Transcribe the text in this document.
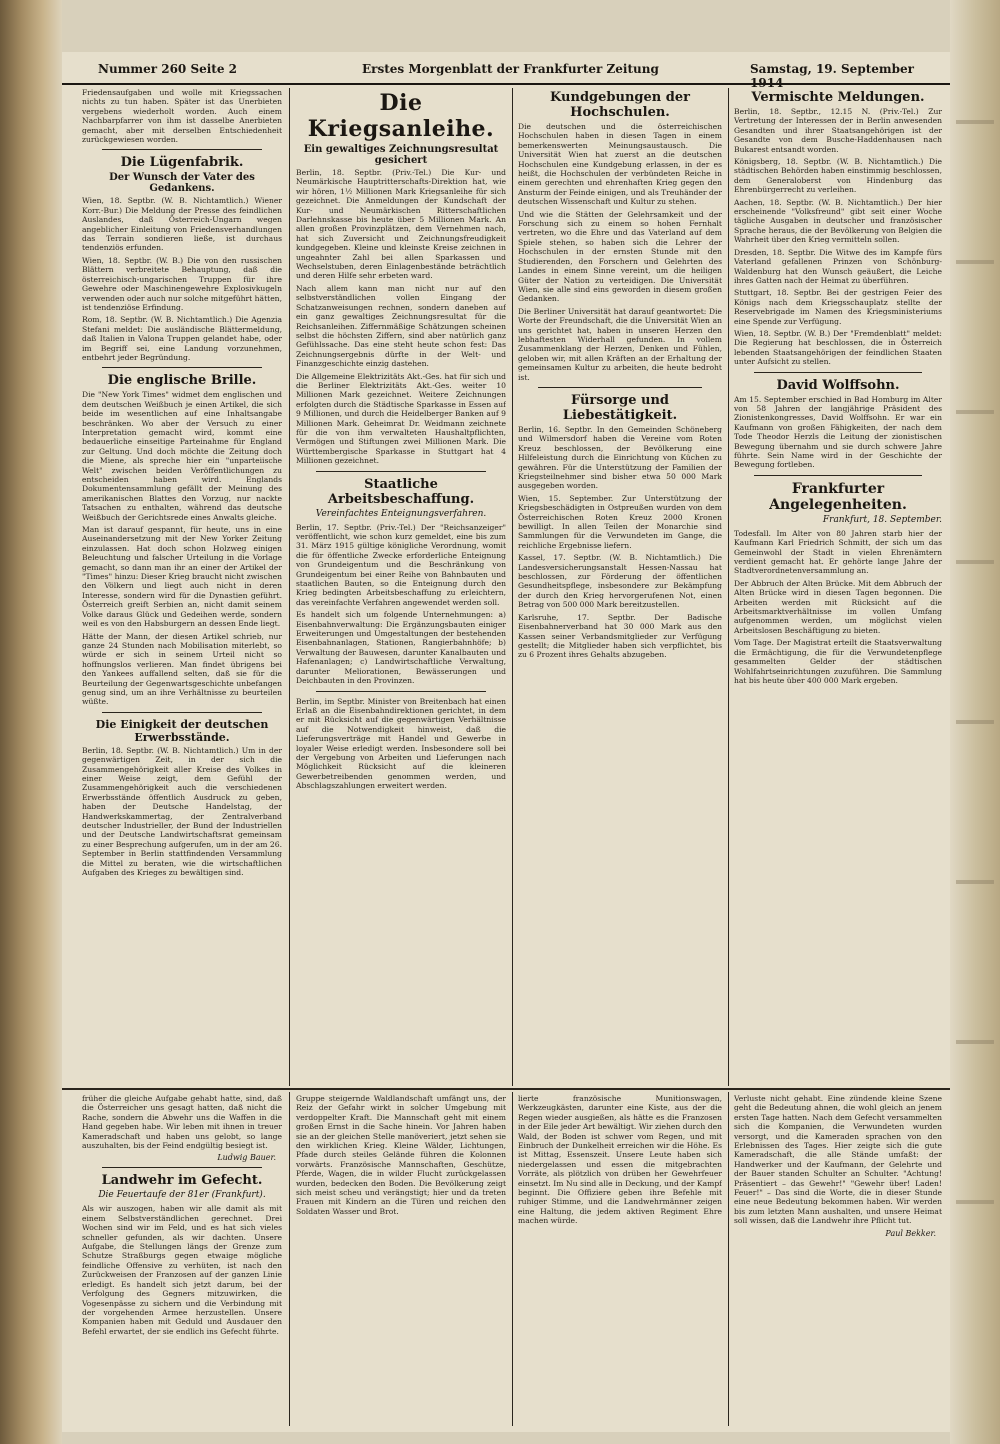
Nummer 260 Seite 2	Erstes Morgenblatt der Frankfurter Zeitung	Samstag, 19. September

Friedensaufgaben und wolle mit Kriegssachen nichts zu tun haben. Später ist das Unerbieten vergebens wiederholt worden. Auch einem Nachbarpfarrer von ihm ist dasselbe Anerbieten gemacht, aber mit derselben Entschiedenheit zurückgewiesen worden.

Die Lügenfabrik.
Der Wunsch der Vater des Gedankens.

Wien, 18. Septbr. (W. B. Nichtamtlich.) Wiener Korr.-Bur.) Die Meldung der Presse des feindlichen Auslandes, daß Österreich-Ungarn wegen angeblicher Einleitung von Friedensverhandlungen das Terrain sondieren ließe, ist durchaus tendenziös erfunden.

Wien, 18. Septbr. (W. B.) Die von den russischen Blättern verbreitete Behauptung, daß die österreichisch-ungarischen Truppen für ihre Gewehre oder Maschinengewehre Explosivkugeln verwenden oder auch nur solche mitgeführt hätten, ist tendenziöse Erfindung.

Rom, 18. Septbr. (W. B. Nichtamtlich.) Die Agenzia Stefani meldet: Die ausländische Blättermeldung, daß Italien in Valona Truppen gelandet habe, oder im Begriff sei, eine Landung vorzunehmen, entbehrt jeder Begründung.

Die englische Brille.

Die "New York Times" widmet dem englischen und dem deutschen Weißbuch je einen Artikel, die sich beide im wesentlichen auf eine Inhaltsangabe beschränken. Wo aber der Versuch zu einer Interpretation gemacht wird, kommt eine bedauerliche einseitige Parteinahme für England zur Geltung. Und doch möchte die Zeitung doch die Miene, als spreche hier ein "unparteiische Welt" zwischen beiden Veröffentlichungen zu entscheiden haben wird. Englands Dokumentensammlung gefällt der Meinung des amerikanischen Blattes den Vorzug, nur nackte Tatsachen zu enthalten, während das deutsche Weißbuch der Gerichtsrede eines Anwalts gleiche.

Man ist darauf gespannt, für heute, uns in eine Auseinandersetzung mit der New Yorker Zeitung einzulassen. Hat doch schon Holzweg einigen Beleuchtung und falscher Urteilung in die Vorlage gemacht, so dann man ihr an einer der Artikel der "Times" hinzu: Dieser Krieg braucht nicht zwischen den Völkern und liegt auch nicht in deren Interesse, sondern wird für die Dynastien geführt. Österreich greift Serbien an, nicht damit seinem Volke daraus Glück und Gedeihen werde, sondern weil es von den Habsburgern an dessen Ende liegt.

Hätte der Mann, der diesen Artikel schrieb, nur ganze 24 Stunden nach Mobilisation miterlebt, so würde er sich in seinem Urteil nicht so hoffnungslos verlieren. Man findet übrigens bei den Yankees auffallend selten, daß sie für die Beurteilung der Gegenwartsgeschichte unbefangen genug sind, um an ihre Verhältnisse zu beurteilen wüßte.

Die Einigkeit der deutschen Erwerbsstände.

Berlin, 18. Septbr. (W. B. Nichtamtlich.) Um in der gegenwärtigen Zeit, in der sich die Zusammengehörigkeit aller Kreise des Volkes in einer Weise zeigt, dem Gefühl der Zusammengehörigkeit auch die verschiedenen Erwerbsstände öffentlich Ausdruck zu geben, haben der Deutsche Handelstag, der Handwerkskammertag, der Zentralverband deutscher Industrieller, der Bund der Industriellen und der Deutsche Landwirtschaftsrat gemeinsam zu einer Besprechung aufgerufen, um in der am 26. September in Berlin stattfindenden Versammlung die Mittel zu beraten, wie die wirtschaftlichen Aufgaben des Krieges zu bewältigen sind.

Die Kriegsanleihe.
Ein gewaltiges Zeichnungsresultat gesichert

Berlin, 18. Septbr. (Priv.-Tel.) Die Kur- und Neumärkische Hauptritterschafts-Direktion hat, wie wir hören, 1½ Millionen Mark Kriegsanleihe für sich gezeichnet. Die Anmeldungen der Kundschaft der Kur- und Neumärkischen Ritterschaftlichen Darlehnskasse bis heute über 5 Millionen Mark. An allen großen Provinzplätzen, dem Vernehmen nach, hat sich Zuversicht und Zeichnungsfreudigkeit kundgegeben. Kleine und kleinste Kreise zeichnen in ungeahnter Zahl bei allen Sparkassen und Wechselstuben, deren Einlagenbestände beträchtlich und deren Hilfe sehr erbeten ward.

Nach allem kann man nicht nur auf den selbstverständlichen vollen Eingang der Schatzanweisungen rechnen, sondern daneben auf ein ganz gewaltiges Zeichnungsresultat für die Reichsanleihen. Ziffernmäßige Schätzungen scheinen selbst die höchsten Ziffern, sind aber natürlich ganz Gefühlssache. Das eine steht heute schon fest: Das Zeichnungsergebnis dürfte in der Welt- und Finanzgeschichte einzig dastehen.

Die Allgemeine Elektrizitäts Akt.-Ges. hat für sich und die Berliner Elektrizitäts Akt.-Ges. weiter 10 Millionen Mark gezeichnet. Weitere Zeichnungen erfolgten durch die Städtische Sparkasse in Essen auf 9 Millionen, und durch die Heidelberger Banken auf 9 Millionen Mark. Geheimrat Dr. Weidmann zeichnete für die von ihm verwalteten Haushaltpflichten, Vermögen und Stiftungen zwei Millionen Mark. Die Württembergische Sparkasse in Stuttgart hat 4 Millionen gezeichnet.

Staatliche Arbeitsbeschaffung.
Vereinfachtes Enteignungsverfahren.

Berlin, 17. Septbr. (Priv.-Tel.) Der "Reichsanzeiger" veröffentlicht, wie schon kurz gemeldet, eine bis zum 31. März 1915 gültige königliche Verordnung, womit die für öffentliche Zwecke erforderliche Enteignung von Grundeigentum und die Beschränkung von Grundeigentum bei einer Reihe von Bahnbauten und staatlichen Bauten, so die Enteignung durch den Krieg bedingten Arbeitsbeschaffung zu erleichtern, das vereinfachte Verfahren angewendet werden soll.

Es handelt sich um folgende Unternehmungen: a) Eisenbahnverwaltung: Die Ergänzungsbauten einiger Erweiterungen und Umgestaltungen der bestehenden Eisenbahnanlagen, Stationen, Rangierbahnhöfe; b) Verwaltung der Bauwesen, darunter Kanalbauten und Hafenanlagen; c) Landwirtschaftliche Verwaltung, darunter Meliorationen, Bewässerungen und Deichbauten in den Provinzen.

Berlin, im Septbr. Minister von Breitenbach hat einen Erlaß an die Eisenbahndirektionen gerichtet, in dem er mit Rücksicht auf die gegenwärtigen Verhältnisse auf die Notwendigkeit hinweist, daß die Lieferungsverträge mit Handel und Gewerbe in loyaler Weise erledigt werden. Insbesondere soll bei der Vergebung von Arbeiten und Lieferungen nach Möglichkeit Rücksicht auf die kleineren Gewerbetreibenden genommen werden, und Abschlagszahlungen erweitert werden.

Kundgebungen der Hochschulen.

Die deutschen und die österreichischen Hochschulen haben in diesen Tagen in einem bemerkenswerten Meinungsaustausch. Die Universität Wien hat zuerst an die deutschen Hochschulen eine Kundgebung erlassen, in der es heißt, die Hochschulen der verbündeten Reiche in einem gerechten und ehrenhaften Krieg gegen den Ansturm der Feinde einigen, und als Treuhänder der deutschen Wissenschaft und Kultur zu stehen.

Und wie die Stätten der Gelehrsamkeit und der Forschung sich zu einem so hohen Fernhalt vertreten, wo die Ehre und das Vaterland auf dem Spiele stehen, so haben sich die Lehrer der Hochschulen in der ernsten Stunde mit den Studierenden, den Forschern und Gelehrten des Landes in einem Sinne vereint, um die heiligen Güter der Nation zu verteidigen. Die Universität Wien, sie alle sind eins geworden in diesem großen Gedanken.

Die Berliner Universität hat darauf geantwortet: Die Worte der Freundschaft, die die Universität Wien an uns gerichtet hat, haben in unseren Herzen den lebhaftesten Widerhall gefunden. In vollem Zusammenklang der Herzen, Denken und Fühlen, geloben wir, mit allen Kräften an der Erhaltung der gemeinsamen Kultur zu arbeiten, die heute bedroht ist.

Fürsorge und Liebestätigkeit.

Berlin, 16. Septbr. In den Gemeinden Schöneberg und Wilmersdorf haben die Vereine vom Roten Kreuz beschlossen, der Bevölkerung eine Hilfeleistung durch die Einrichtung von Küchen zu gewähren. Für die Unterstützung der Familien der Kriegsteilnehmer sind bisher etwa 50 000 Mark ausgegeben worden.

Wien, 15. September. Zur Unterstützung der Kriegsbeschädigten in Ostpreußen wurden von dem Österreichischen Roten Kreuz 2000 Kronen bewilligt. In allen Teilen der Monarchie sind Sammlungen für die Verwundeten im Gange, die reichliche Ergebnisse liefern.

Kassel, 17. Septbr. (W. B. Nichtamtlich.) Die Landesversicherungsanstalt Hessen-Nassau hat beschlossen, zur Förderung der öffentlichen Gesundheitspflege, insbesondere zur Bekämpfung der durch den Krieg hervorgerufenen Not, einen Betrag von 500 000 Mark bereitzustellen.

Karlsruhe, 17. Septbr. Der Badische Eisenbahnerverband hat 30 000 Mark aus den Kassen seiner Verbandsmitglieder zur Verfügung gestellt; die Mitglieder haben sich verpflichtet, bis zu 6 Prozent ihres Gehalts abzugeben.

Vermischte Meldungen.

Berlin, 18. Septbr., 12.15 N. (Priv.-Tel.) Zur Vertretung der Interessen der in Berlin anwesenden Gesandten und ihrer Staatsangehörigen ist der Gesandte von dem Busche-Haddenhausen nach Bukarest entsandt worden.

Königsberg, 18. Septbr. (W. B. Nichtamtlich.) Die städtischen Behörden haben einstimmig beschlossen, dem Generaloberst von Hindenburg das Ehrenbürgerrecht zu verleihen.

Aachen, 18. Septbr. (W. B. Nichtamtlich.) Der hier erscheinende "Volksfreund" gibt seit einer Woche tägliche Ausgaben in deutscher und französischer Sprache heraus, die der Bevölkerung von Belgien die Wahrheit über den Krieg vermitteln sollen.

Dresden, 18. Septbr. Die Witwe des im Kampfe fürs Vaterland gefallenen Prinzen von Schönburg-Waldenburg hat den Wunsch geäußert, die Leiche ihres Gatten nach der Heimat zu überführen.

Stuttgart, 18. Septbr. Bei der gestrigen Feier des Königs nach dem Kriegsschauplatz stellte der Reservebrigade im Namen des Kriegsministeriums eine Spende zur Verfügung.

Wien, 18. Septbr. (W. B.) Der "Fremdenblatt" meldet: Die Regierung hat beschlossen, die in Österreich lebenden Staatsangehörigen der feindlichen Staaten unter Aufsicht zu stellen.

David Wolffsohn.

Am 15. September erschied in Bad Homburg im Alter von 58 Jahren der langjährige Präsident des Zionistenkongresses, David Wolffsohn. Er war ein Kaufmann von großen Fähigkeiten, der nach dem Tode Theodor Herzls die Leitung der zionistischen Bewegung übernahm und sie durch schwere Jahre führte. Sein Name wird in der Geschichte der Bewegung fortleben.

Frankfurter Angelegenheiten.
Frankfurt, 18. September.

Todesfall. Im Alter von 80 Jahren starb hier der Kaufmann Karl Friedrich Schmitt, der sich um das Gemeinwohl der Stadt in vielen Ehrenämtern verdient gemacht hat. Er gehörte lange Jahre der Stadtverordnetenversammlung an.

Der Abbruch der Alten Brücke. Mit dem Abbruch der Alten Brücke wird in diesen Tagen begonnen. Die Arbeiten werden mit Rücksicht auf die Arbeitsmarktverhältnisse im vollen Umfang aufgenommen werden, um möglichst vielen Arbeitslosen Beschäftigung zu bieten.

Vom Tage. Der Magistrat erteilt die Staatsverwaltung die Ermächtigung, die für die Verwundetenpflege gesammelten Gelder der städtischen Wohlfahrtseinrichtungen zuzuführen. Die Sammlung hat bis heute über 400 000 Mark ergeben.

früher die gleiche Aufgabe gehabt hatte, sind, daß die Österreicher uns gesagt hatten, daß nicht die Rache, sondern die Abwehr uns die Waffen in die Hand gegeben habe. Wir leben mit ihnen in treuer Kameradschaft und haben uns gelobt, so lange auszuhalten, bis der Feind endgültig besiegt ist.

Ludwig Bauer.
Landwehr im Gefecht.
Die Feuertaufe der 81er (Frankfurt).

Als wir auszogen, haben wir alle damit als mit einem Selbstverständlichen gerechnet. Drei Wochen sind wir im Feld, und es hat sich vieles schneller gefunden, als wir dachten. Unsere Aufgabe, die Stellungen längs der Grenze zum Schutze Straßburgs gegen etwaige mögliche feindliche Offensive zu verhüten, ist nach den Zurückweisen der Franzosen auf der ganzen Linie erledigt. Es handelt sich jetzt darum, bei der Verfolgung des Gegners mitzuwirken, die Vogesenpässe zu sichern und die Verbindung mit der vorgehenden Armee herzustellen. Unsere Kompanien haben mit Geduld und Ausdauer den Befehl erwartet, der sie endlich ins Gefecht führte.

Gruppe steigernde Waldlandschaft umfängt uns, der Reiz der Gefahr wirkt in solcher Umgebung mit verdoppelter Kraft. Die Mannschaft geht mit einem großen Ernst in die Sache hinein. Vor Jahren haben sie an der gleichen Stelle manöveriert, jetzt sehen sie den wirklichen Krieg. Kleine Wälder, Lichtungen, Pfade durch steiles Gelände führen die Kolonnen vorwärts. Französische Mannschaften, Geschütze, Pferde, Wagen, die in wilder Flucht zurückgelassen wurden, bedecken den Boden. Die Bevölkerung zeigt sich meist scheu und verängstigt; hier und da treten Frauen mit Kindern an die Türen und reichen den Soldaten Wasser und Brot.

lierte französische Munitionswagen, Werkzeugkästen, darunter eine Kiste, aus der die Regen wieder ausgießen, als hätte es die Franzosen in der Eile jeder Art bewältigt. Wir ziehen durch den Wald, der Boden ist schwer vom Regen, und mit Einbruch der Dunkelheit erreichen wir die Höhe. Es ist Mittag, Essenszeit. Unsere Leute haben sich niedergelassen und essen die mitgebrachten Vorräte, als plötzlich von drüben her Gewehrfeuer einsetzt. Im Nu sind alle in Deckung, und der Kampf beginnt. Die Offiziere geben ihre Befehle mit ruhiger Stimme, und die Landwehrmänner zeigen eine Haltung, die jedem aktiven Regiment Ehre machen würde.

Verluste nicht gehabt. Eine zündende kleine Szene geht die Bedeutung ahnen, die wohl gleich an jenem ersten Tage hatten. Nach dem Gefecht versammelten sich die Kompanien, die Verwundeten wurden versorgt, und die Kameraden sprachen von den Erlebnissen des Tages. Hier zeigte sich die gute Kameradschaft, die alle Stände umfaßt: der Handwerker und der Kaufmann, der Gelehrte und der Bauer standen Schulter an Schulter. "Achtung! Präsentiert – das Gewehr!" "Gewehr über! Laden! Feuer!" – Das sind die Worte, die in dieser Stunde eine neue Bedeutung bekommen haben. Wir werden bis zum letzten Mann aushalten, und unsere Heimat soll wissen, daß die Landwehr ihre Pflicht tut.

Paul Bekker.
